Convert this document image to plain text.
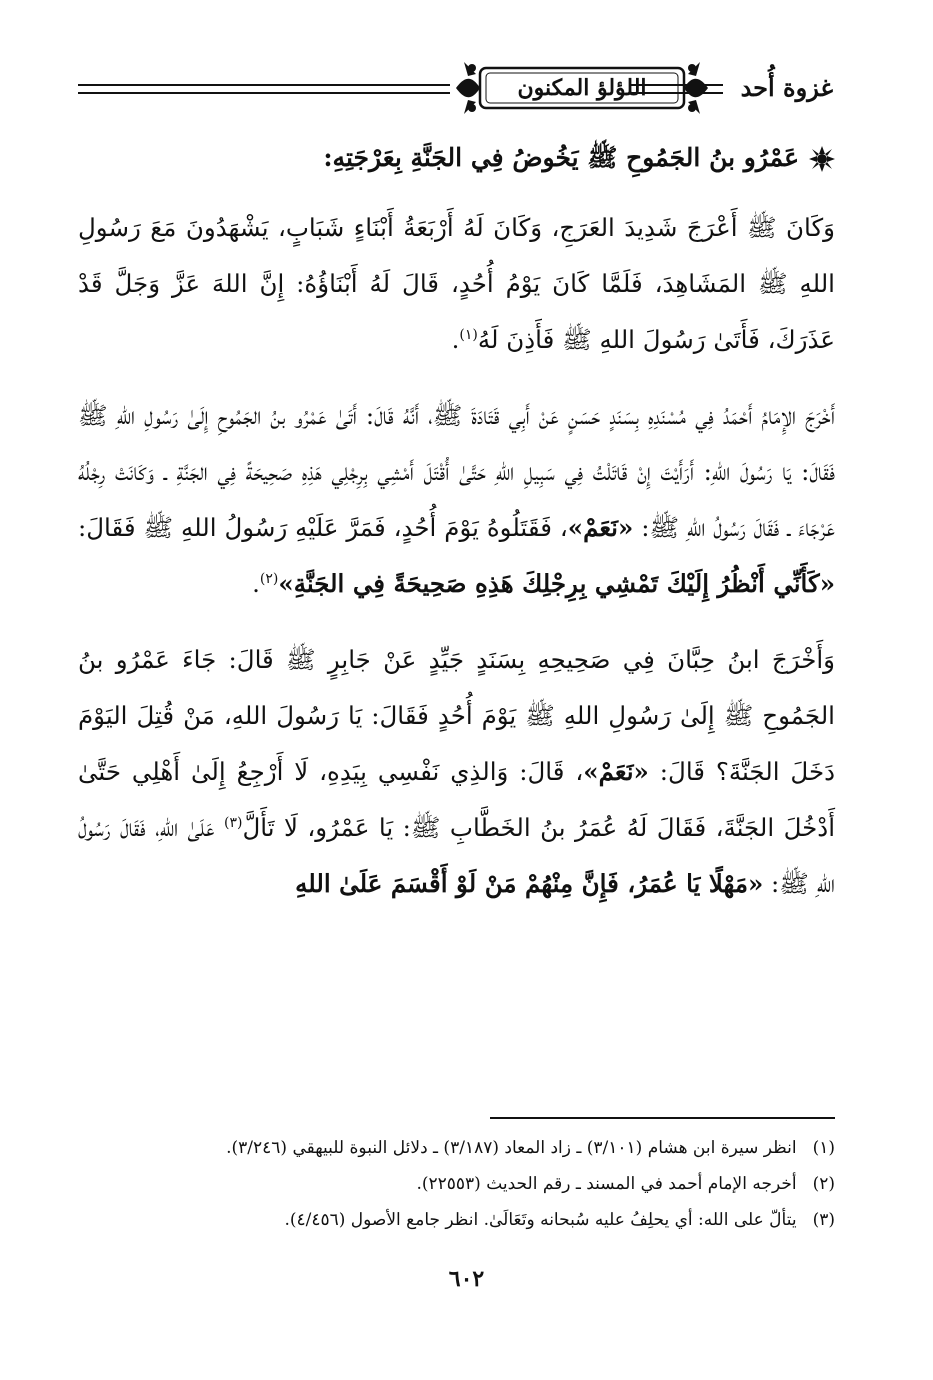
غزوة أُحد
اللؤلؤ المكنون

عَمْرُو بنُ الجَمُوحِ ﷺ يَخُوضُ فِي الجَنَّةِ بِعَرْجَتِهِ:

وَكَانَ ﷺ أَعْرَجَ شَدِيدَ العَرَجِ، وَكَانَ لَهُ أَرْبَعَةُ أَبْنَاءٍ شَبَابٍ، يَشْهَدُونَ مَعَ رَسُولِ اللهِ ﷺ المَشَاهِدَ، فَلَمَّا كَانَ يَوْمُ أُحُدٍ، قَالَ لَهُ أَبْنَاؤُهُ: إِنَّ اللهَ عَزَّ وَجَلَّ قَدْ عَذَرَكَ، فَأَتَىٰ رَسُولَ اللهِ ﷺ فَأَذِنَ لَهُ$^{(١)}$.

أَخْرَجَ الإِمَامُ أَحْمَدُ فِي مُسْنَدِهِ بِسَنَدٍ حَسَنٍ عَنْ أَبِي قَتَادَةَ ﷺ، أَنَّهُ قَالَ: أَتَىٰ عَمْرُو بنُ الجَمُوحِ إِلَىٰ رَسُولِ اللهِ ﷺ فَقَالَ: يَا رَسُولَ اللهِ: أَرَأَيْتَ إِنْ قَاتَلْتُ فِي سَبِيلِ اللهِ حَتَّىٰ أُقْتَلَ أَمْشِي بِرِجْلِي هَذِهِ صَحِيحَةً فِي الجَنَّةِ ـ وَكَانَتْ رِجْلُهُ عَرْجَاءَ ـ فَقَالَ رَسُولُ اللهِ ﷺ: «نَعَمْ»، فَقَتَلُوهُ يَوْمَ أُحُدٍ، فَمَرَّ عَلَيْهِ رَسُولُ اللهِ ﷺ فَقَالَ: «كَأَنِّي أَنْظُرُ إِلَيْكَ تَمْشِي بِرِجْلِكَ هَذِهِ صَحِيحَةً فِي الجَنَّةِ»$^{(٢)}$.

وَأَخْرَجَ ابنُ حِبَّانَ فِي صَحِيحِهِ بِسَنَدٍ جَيِّدٍ عَنْ جَابِرٍ ﷺ قَالَ: جَاءَ عَمْرُو بنُ الجَمُوحِ ﷺ إِلَىٰ رَسُولِ اللهِ ﷺ يَوْمَ أُحُدٍ فَقَالَ: يَا رَسُولَ اللهِ، مَنْ قُتِلَ اليَوْمَ دَخَلَ الجَنَّةَ؟ قَالَ: «نَعَمْ»، قَالَ: وَالذِي نَفْسِي بِيَدِهِ، لَا أَرْجِعُ إِلَىٰ أَهْلِي حَتَّىٰ أَدْخُلَ الجَنَّةَ، فَقَالَ لَهُ عُمَرُ بنُ الخَطَّابِ ﷺ: يَا عَمْرُو، لَا تَأَلَّ$^{(٣)}$ عَلَىٰ اللهِ، فَقَالَ رَسُولُ اللهِ ﷺ: «مَهْلًا يَا عُمَرُ، فَإِنَّ مِنْهُمْ مَنْ لَوْ أَقْسَمَ عَلَىٰ اللهِ

(١)انظر سيرة ابن هشام (٣/١٠١) ـ زاد المعاد (٣/١٨٧) ـ دلائل النبوة للبيهقي (٣/٢٤٦).
(٢)أخرجه الإمام أحمد في المسند ـ رقم الحديث (٢٢٥٥٣).
(٣)يتألّ على الله: أي يحلِفُ عليه سُبحانه وتَعَالَىٰ. انظر جامع الأصول (٤/٤٥٦).
٦٠٢
